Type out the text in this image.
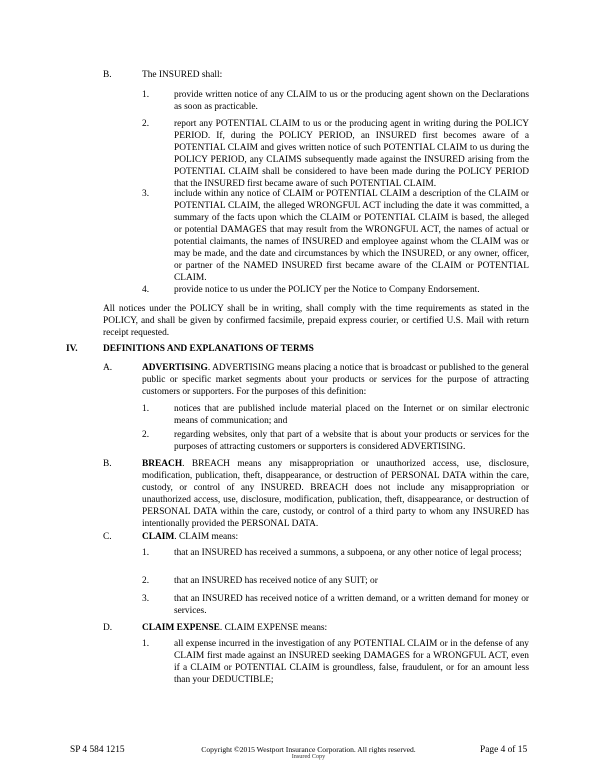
B.	The INSURED shall:
1.	provide written notice of any CLAIM to us or the producing agent shown on the Declarations as soon as practicable.
2.	report any POTENTIAL CLAIM to us or the producing agent in writing during the POLICY PERIOD. If, during the POLICY PERIOD, an INSURED first becomes aware of a POTENTIAL CLAIM and gives written notice of such POTENTIAL CLAIM to us during the POLICY PERIOD, any CLAIMS subsequently made against the INSURED arising from the POTENTIAL CLAIM shall be considered to have been made during the POLICY PERIOD that the INSURED first became aware of such POTENTIAL CLAIM.
3.	include within any notice of CLAIM or POTENTIAL CLAIM a description of the CLAIM or POTENTIAL CLAIM, the alleged WRONGFUL ACT including the date it was committed, a summary of the facts upon which the CLAIM or POTENTIAL CLAIM is based, the alleged or potential DAMAGES that may result from the WRONGFUL ACT, the names of actual or potential claimants, the names of INSURED and employee against whom the CLAIM was or may be made, and the date and circumstances by which the INSURED, or any owner, officer, or partner of the NAMED INSURED first became aware of the CLAIM or POTENTIAL CLAIM.
4.	provide notice to us under the POLICY per the Notice to Company Endorsement.
All notices under the POLICY shall be in writing, shall comply with the time requirements as stated in the POLICY, and shall be given by confirmed facsimile, prepaid express courier, or certified U.S. Mail with return receipt requested.
IV.	DEFINITIONS AND EXPLANATIONS OF TERMS
A.	ADVERTISING. ADVERTISING means placing a notice that is broadcast or published to the general public or specific market segments about your products or services for the purpose of attracting customers or supporters. For the purposes of this definition:
1.	notices that are published include material placed on the Internet or on similar electronic means of communication; and
2.	regarding websites, only that part of a website that is about your products or services for the purposes of attracting customers or supporters is considered ADVERTISING.
B.	BREACH. BREACH means any misappropriation or unauthorized access, use, disclosure, modification, publication, theft, disappearance, or destruction of PERSONAL DATA within the care, custody, or control of any INSURED. BREACH does not include any misappropriation or unauthorized access, use, disclosure, modification, publication, theft, disappearance, or destruction of PERSONAL DATA within the care, custody, or control of a third party to whom any INSURED has intentionally provided the PERSONAL DATA.
C.	CLAIM. CLAIM means:
1.	that an INSURED has received a summons, a subpoena, or any other notice of legal process;
2.	that an INSURED has received notice of any SUIT; or
3.	that an INSURED has received notice of a written demand, or a written demand for money or services.
D.	CLAIM EXPENSE. CLAIM EXPENSE means:
1.	all expense incurred in the investigation of any POTENTIAL CLAIM or in the defense of any CLAIM first made against an INSURED seeking DAMAGES for a WRONGFUL ACT, even if a CLAIM or POTENTIAL CLAIM is groundless, false, fraudulent, or for an amount less than your DEDUCTIBLE;
SP 4 584 1215	Copyright ©2015 Westport Insurance Corporation. All rights reserved.
Insured Copy
Page 4 of 15
